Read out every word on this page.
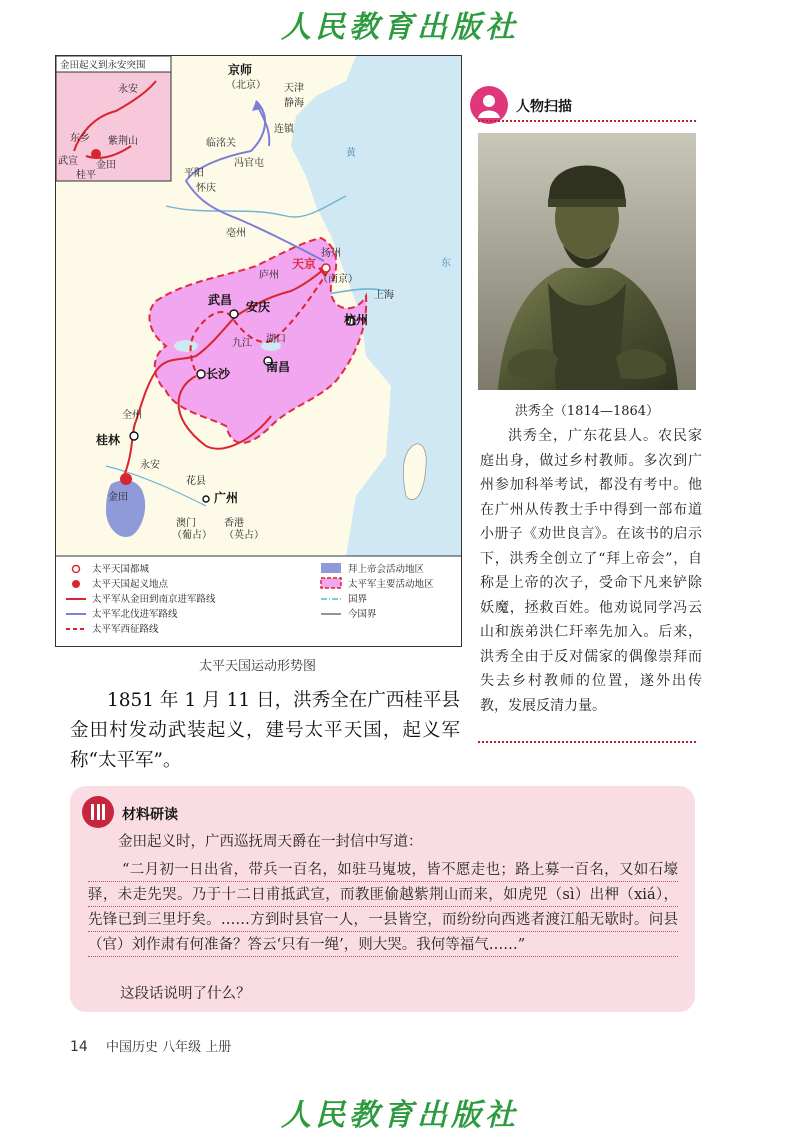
人民教育出版社
金田起义到永安突围
永安
紫荆山
东乡
武宣 金田
桂平
京师
（北京） 天津
静海
临洺关
连镇
冯官屯
平阳
怀庆
亳州
扬州
天京
（南京）
庐州
上海
武昌 安庆
杭州
九江 湖口
南昌
长沙
全州
桂林
永安
金田
花县
广州
澳门
（葡占）
香港
（英占）
黄
东
太平天国都城
太平天国起义地点
太平军从金田到南京进军路线
太平军北伐进军路线
太平军西征路线
拜上帝会活动地区
太平军主要活动地区
国界
今国界
太平天国运动形势图
人物扫描
洪秀全（1814—1864）
洪秀全，广东花县人。农民家庭出身，做过乡村教师。多次到广州参加科举考试，都没有考中。他在广州从传教士手中得到一部布道小册子《劝世良言》。在该书的启示下，洪秀全创立了“拜上帝会”，自称是上帝的次子，受命下凡来铲除妖魔，拯救百姓。他劝说同学冯云山和族弟洪仁玕率先加入。后来，洪秀全由于反对儒家的偶像崇拜而失去乡村教师的位置，遂外出传教，发展反清力量。
1851 年 1 月 11 日，洪秀全在广西桂平县金田村发动武装起义，建号太平天国，起义军称“太平军”。
材料研读
金田起义时，广西巡抚周天爵在一封信中写道：
“二月初一日出省，带兵一百名，如驻马嵬坡，皆不愿走也；路上募一百名，又如石壕驿，未走先哭。乃于十二日甫抵武宣，而教匪偷越紫荆山而来，如虎兕（sì）出柙（xiá），先锋已到三里圩矣。……方到时县官一人，一县皆空，而纷纷向西逃者渡江船无歇时。问县（官）刘作肃有何准备？答云‘只有一绳’，则大哭。我何等福气……”
这段话说明了什么？
14 中国历史 八年级 上册
人民教育出版社
